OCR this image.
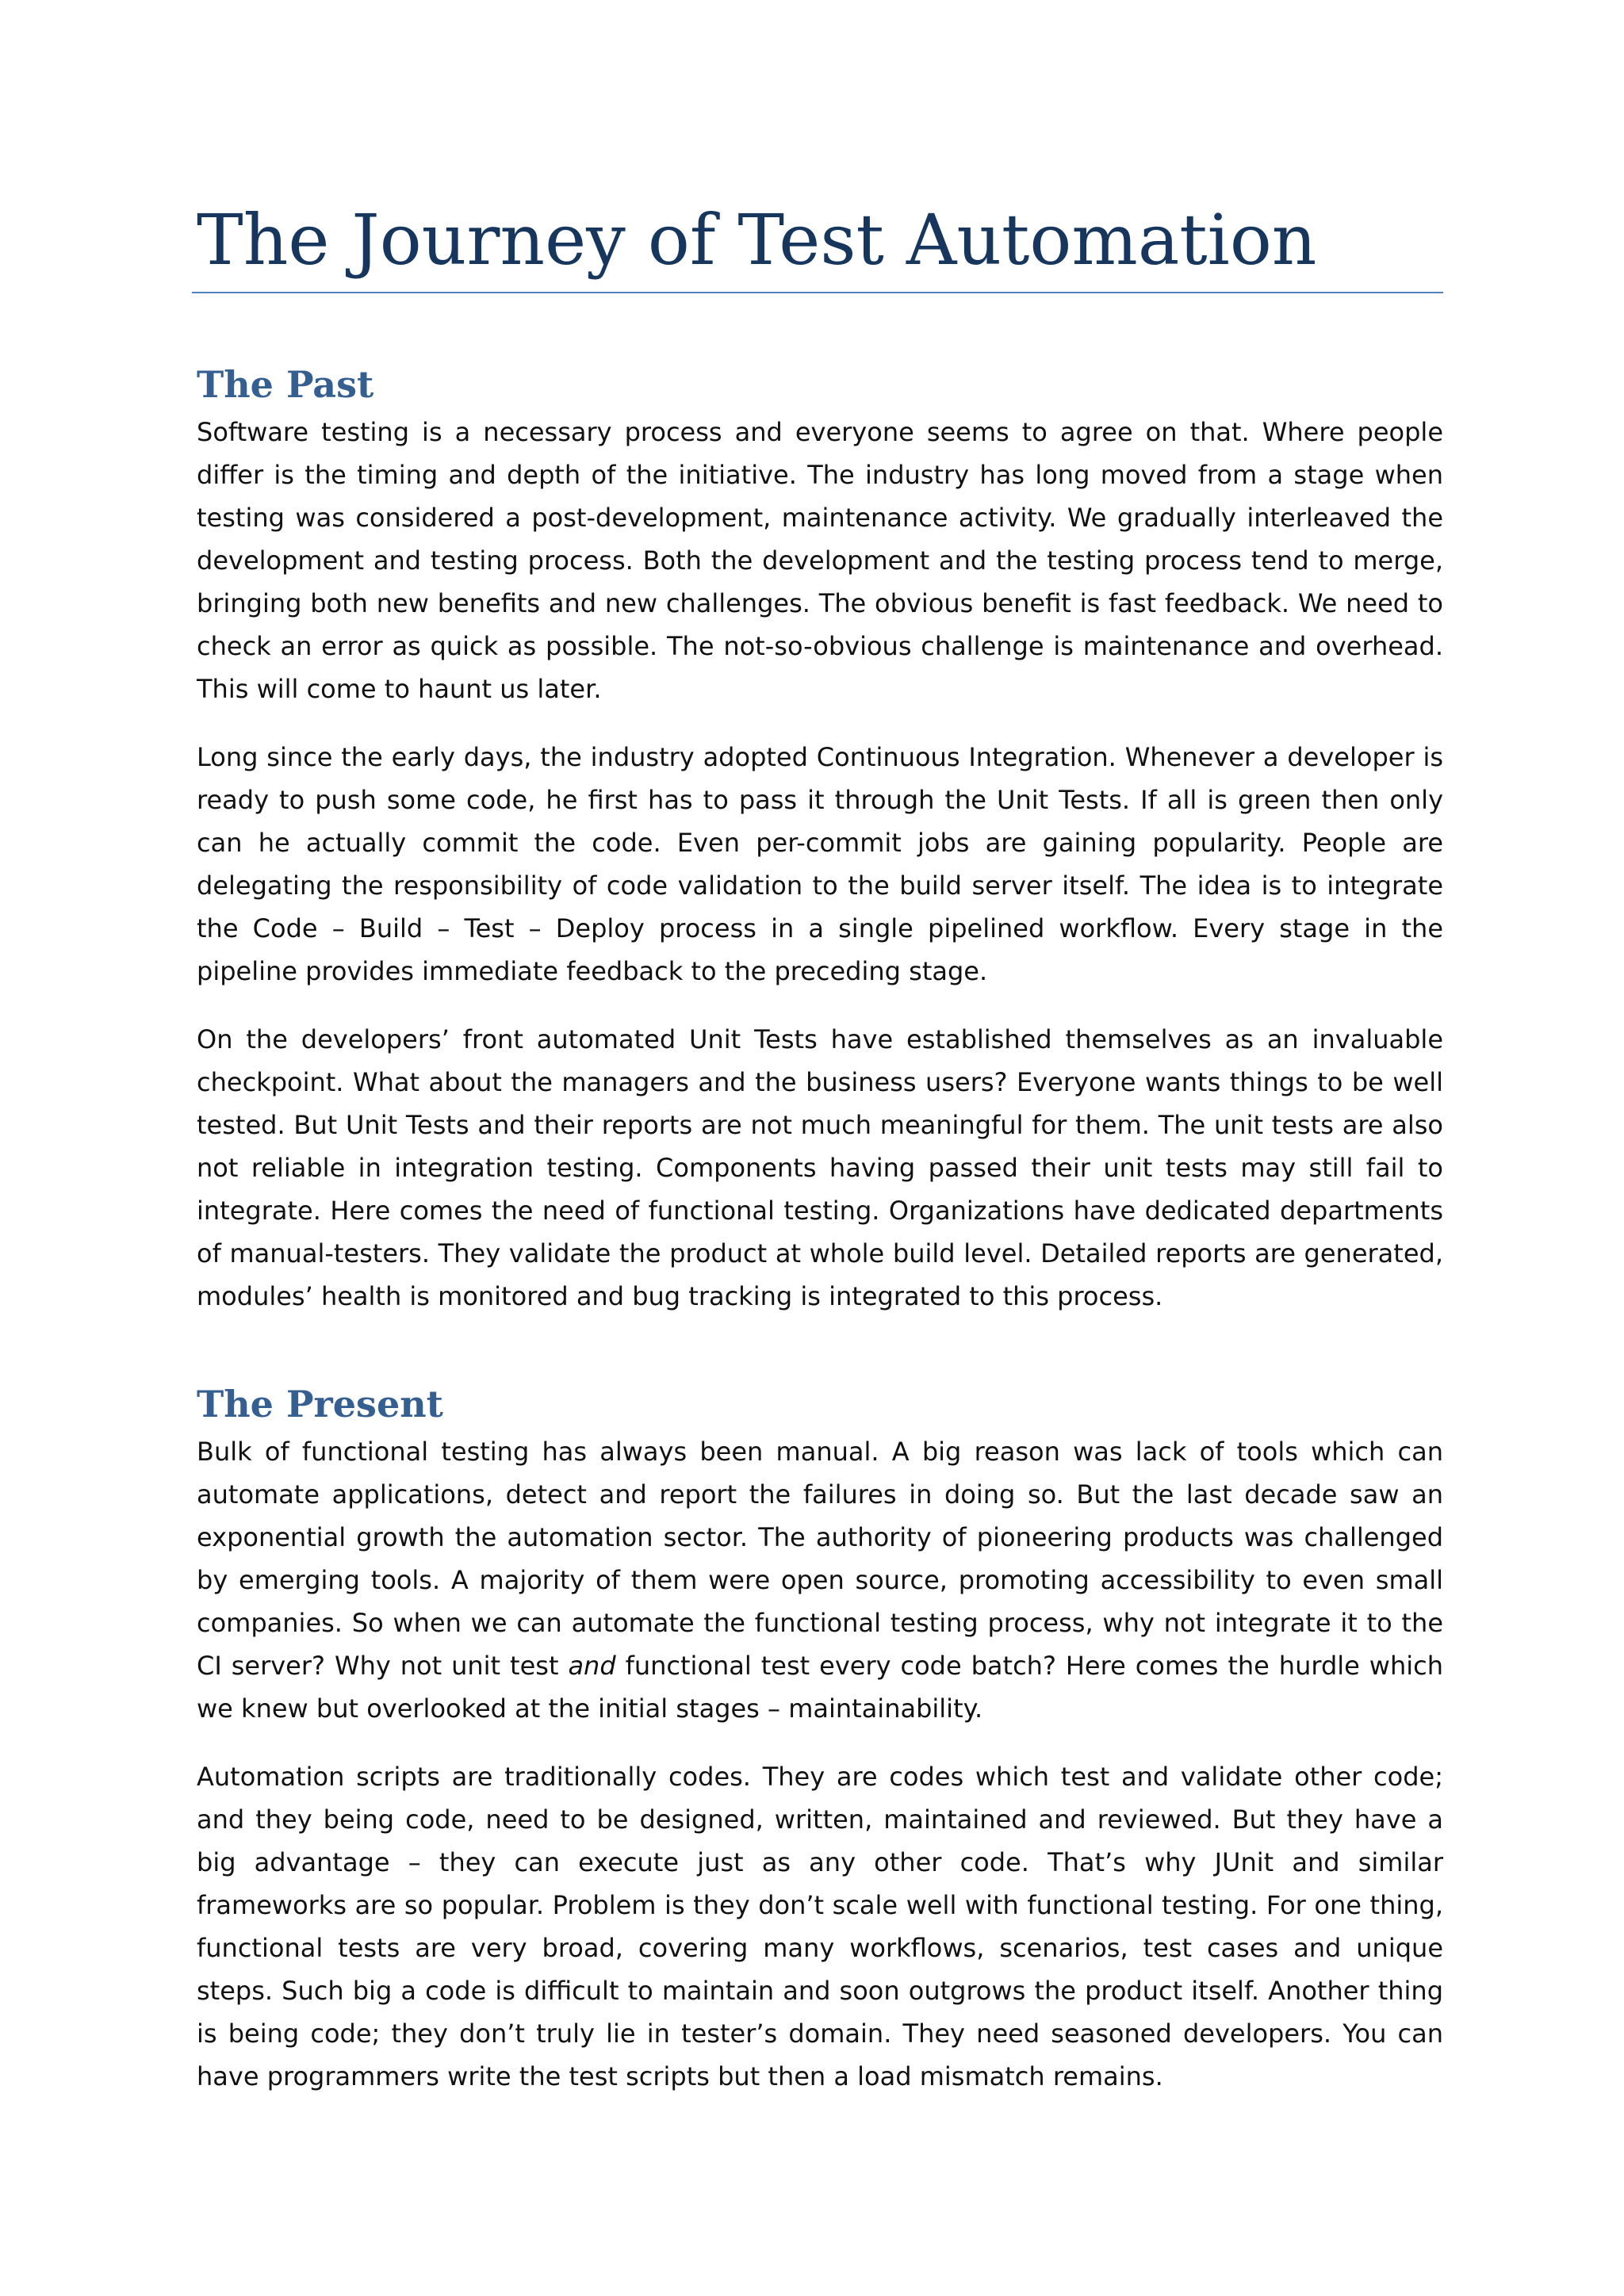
The Journey of Test Automation
The Past

Software testing is a necessary process and everyone seems to agree on that. Where people differ is the timing and depth of the initiative. The industry has long moved from a stage when testing was considered a post-development, maintenance activity. We gradually interleaved the development and testing process. Both the development and the testing process tend to merge, bringing both new benefits and new challenges. The obvious benefit is fast feedback. We need to check an error as quick as possible. The not-so-obvious challenge is maintenance and overhead. This will come to haunt us later.

Long since the early days, the industry adopted Continuous Integration. Whenever a developer is ready to push some code, he first has to pass it through the Unit Tests. If all is green then only can he actually commit the code. Even per-commit jobs are gaining popularity. People are delegating the responsibility of code validation to the build server itself. The idea is to integrate the Code – Build – Test – Deploy process in a single pipelined workflow. Every stage in the pipeline provides immediate feedback to the preceding stage.

On the developers’ front automated Unit Tests have established themselves as an invaluable checkpoint. What about the managers and the business users? Everyone wants things to be well tested. But Unit Tests and their reports are not much meaningful for them. The unit tests are also not reliable in integration testing. Components having passed their unit tests may still fail to integrate. Here comes the need of functional testing. Organizations have dedicated departments of manual-testers. They validate the product at whole build level. Detailed reports are generated, modules’ health is monitored and bug tracking is integrated to this process.

The Present

Bulk of functional testing has always been manual. A big reason was lack of tools which can automate applications, detect and report the failures in doing so. But the last decade saw an exponential growth the automation sector. The authority of pioneering products was challenged by emerging tools. A majority of them were open source, promoting accessibility to even small companies. So when we can automate the functional testing process, why not integrate it to the CI server? Why not unit test and functional test every code batch? Here comes the hurdle which we knew but overlooked at the initial stages – maintainability.

Automation scripts are traditionally codes. They are codes which test and validate other code; and they being code, need to be designed, written, maintained and reviewed. But they have a big advantage – they can execute just as any other code. That’s why JUnit and similar frameworks are so popular. Problem is they don’t scale well with functional testing. For one thing, functional tests are very broad, covering many workflows, scenarios, test cases and unique steps. Such big a code is difficult to maintain and soon outgrows the product itself. Another thing is being code; they don’t truly lie in tester’s domain. They need seasoned developers. You can have programmers write the test scripts but then a load mismatch remains.
